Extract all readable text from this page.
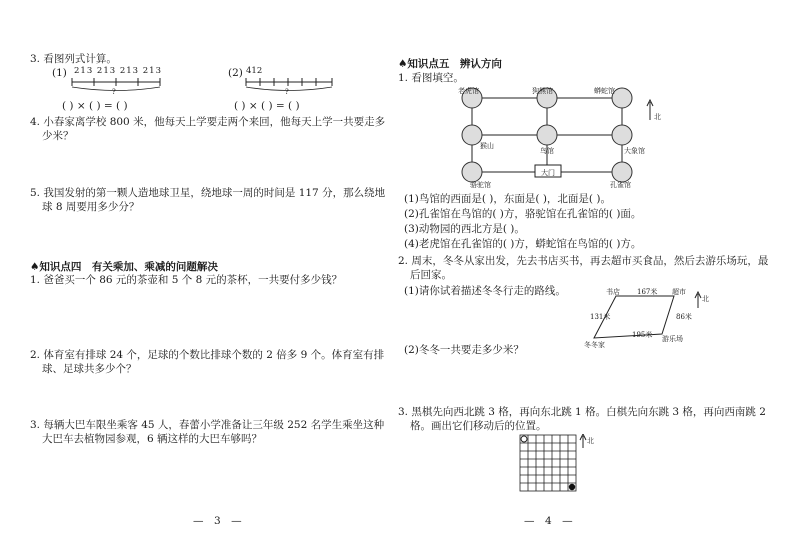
3. 看图列式计算。
(1) 213 213 213 213
?
( ) × ( ) = ( )
(2) 412
?
( ) × ( ) = ( )
4. 小春家离学校 800 米，他每天上学要走两个来回，他每天上学一共要走多
少米？
5. 我国发射的第一颗人造地球卫星，绕地球一周的时间是 117 分，那么绕地
球 8 周要用多少分？
♠知识点四　有关乘加、乘减的问题解决
1. 爸爸买一个 86 元的茶壶和 5 个 8 元的茶杯，一共要付多少钱？
2. 体育室有排球 24 个，足球的个数比排球个数的 2 倍多 9 个。体育室有排
球、足球共多少个？
3. 每辆大巴车限坐乘客 45 人，春蕾小学准备让三年级 252 名学生乘坐这种
大巴车去植物园参观，6 辆这样的大巴车够吗？
—　3　—
♠知识点五　辨认方向
1. 看图填空。
老虎馆	狗熊馆	蟒蛇馆
猴山
鸟馆	大象馆
大门
骆驼馆	孔雀馆
北
(1)鸟馆的西面是( )，东面是( )，北面是( )。
(2)孔雀馆在鸟馆的( )方，骆驼馆在孔雀馆的( )面。
(3)动物园的西北方是( )。
(4)老虎馆在孔雀馆的( )方，蟒蛇馆在鸟馆的( )方。
2. 周末，冬冬从家出发，先去书店买书，再去超市买食品，然后去游乐场玩，最
后回家。
(1)请你试着描述冬冬行走的路线。	书店 167米 超市
北
131米	86米
195米 游乐场
冬冬家
(2)冬冬一共要走多少米？
3. 黑棋先向西北跳 3 格，再向东北跳 1 格。白棋先向东跳 3 格，再向西南跳 2
格。画出它们移动后的位置。
北
—　4　—
